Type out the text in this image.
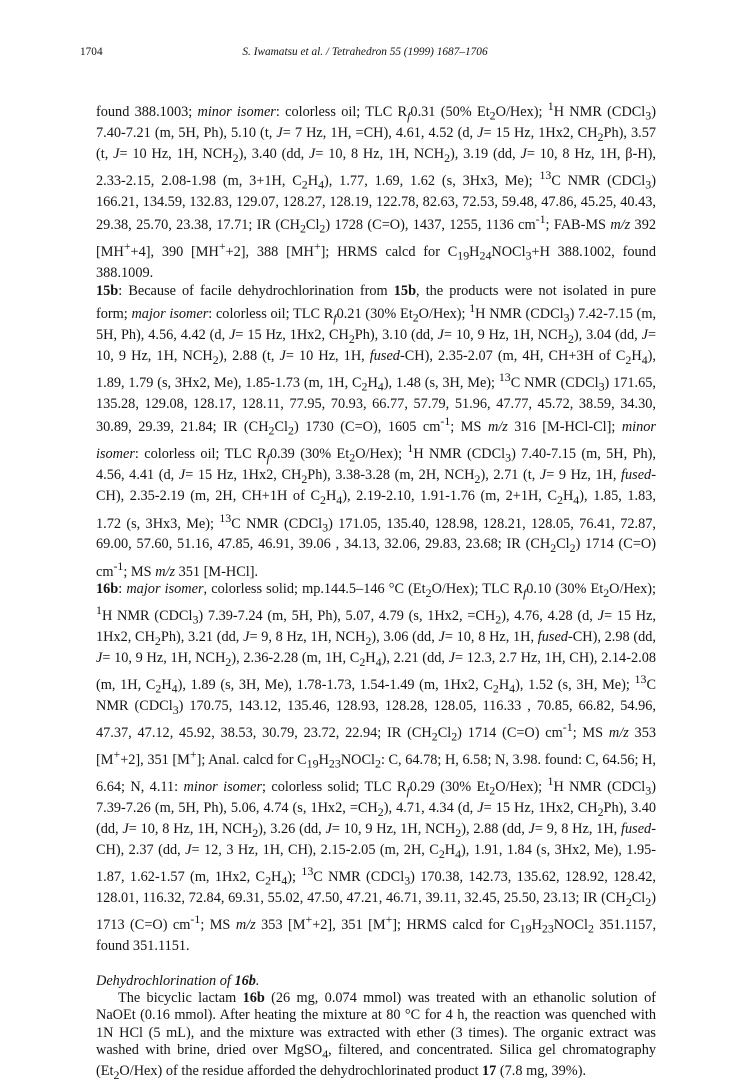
1704	S. Iwamatsu et al. / Tetrahedron 55 (1999) 1687–1706

found 388.1003; minor isomer: colorless oil; TLC $R_f0.31$ (50% $Et_2O/Hex$); $^1$H NMR (CDCl$_3$) 7.40-7.21 (m, 5H, Ph), 5.10 (t, J= 7 Hz, 1H, =CH), 4.61, 4.52 (d, J= 15 Hz, 1Hx2, $CH_2Ph$), 3.57 (t, J= 10 Hz, 1H, $NCH_2$), 3.40 (dd, J= 10, 8 Hz, 1H, $NCH_2$), 3.19 (dd, J= 10, 8 Hz, 1H, β-H), 2.33-2.15, 2.08-1.98 (m, 3+1H, $C_2H_4$), 1.77, 1.69, 1.62 (s, 3Hx3, Me); $^{13}$C NMR (CDCl$_3$) 166.21, 134.59, 132.83, 129.07, 128.27, 128.19, 122.78, 82.63, 72.53, 59.48, 47.86, 45.25, 40.43, 29.38, 25.70, 23.38, 17.71; IR $(CH_2Cl_2)$ 1728 (C=O), 1437, 1255, 1136 $cm^{-1}$; FAB-MS m/z 392 [MH++4], 390 [MH++2], 388 [MH+]; HRMS calcd for $C_{19}H_{24}NOCl_3+H$ 388.1002, found 388.1009.

15b: Because of facile dehydrochlorination from 15b, the products were not isolated in pure form; major isomer: colorless oil; TLC $R_f0.21$ (30% $Et_2O/Hex$); $^1$H NMR (CDCl$_3$) 7.42-7.15 (m, 5H, Ph), 4.56, 4.42 (d, J= 15 Hz, 1Hx2, $CH_2Ph$), 3.10 (dd, J= 10, 9 Hz, 1H, $NCH_2$), 3.04 (dd, J= 10, 9 Hz, 1H, $NCH_2$), 2.88 (t, J= 10 Hz, 1H, fused-CH), 2.35-2.07 (m, 4H, CH+3H of $C_2H_4$), 1.89, 1.79 (s, 3Hx2, Me), 1.85-1.73 (m, 1H, $C_2H_4$), 1.48 (s, 3H, Me); $^{13}$C NMR (CDCl$_3$) 171.65, 135.28, 129.08, 128.17, 128.11, 77.95, 70.93, 66.77, 57.79, 51.96, 47.77, 45.72, 38.59, 34.30, 30.89, 29.39, 21.84; IR $(CH_2Cl_2)$ 1730 (C=O), 1605 $cm^{-1}$; MS m/z 316 [M-HCl-Cl]; minor isomer: colorless oil; TLC $R_f0.39$ (30% $Et_2O/Hex$); $^1$H NMR (CDCl$_3$) 7.40-7.15 (m, 5H, Ph), 4.56, 4.41 (d, J= 15 Hz, 1Hx2, $CH_2Ph$), 3.38-3.28 (m, 2H, $NCH_2$), 2.71 (t, J= 9 Hz, 1H, fused-CH), 2.35-2.19 (m, 2H, CH+1H of $C_2H_4$), 2.19-2.10, 1.91-1.76 (m, 2+1H, $C_2H_4$), 1.85, 1.83, 1.72 (s, 3Hx3, Me); $^{13}$C NMR (CDCl$_3$) 171.05, 135.40, 128.98, 128.21, 128.05, 76.41, 72.87, 69.00, 57.60, 51.16, 47.85, 46.91, 39.06 , 34.13, 32.06, 29.83, 23.68; IR $(CH_2Cl_2)$ 1714 (C=O) $cm^{-1}$; MS m/z 351 [M-HCl].

16b: major isomer, colorless solid; mp.144.5–146 °C $(Et_2O/Hex)$; TLC $R_f0.10$ (30% $Et_2O/Hex$); $^1$H NMR (CDCl$_3$) 7.39-7.24 (m, 5H, Ph), 5.07, 4.79 (s, 1Hx2, $=CH_2$), 4.76, 4.28 (d, J= 15 Hz, 1Hx2, $CH_2Ph$), 3.21 (dd, J= 9, 8 Hz, 1H, $NCH_2$), 3.06 (dd, J= 10, 8 Hz, 1H, fused-CH), 2.98 (dd, J= 10, 9 Hz, 1H, $NCH_2$), 2.36-2.28 (m, 1H, $C_2H_4$), 2.21 (dd, J= 12.3, 2.7 Hz, 1H, CH), 2.14-2.08 (m, 1H, $C_2H_4$), 1.89 (s, 3H, Me), 1.78-1.73, 1.54-1.49 (m, 1Hx2, $C_2H_4$), 1.52 (s, 3H, Me); $^{13}$C NMR (CDCl$_3$) 170.75, 143.12, 135.46, 128.93, 128.28, 128.05, 116.33 , 70.85, 66.82, 54.96, 47.37, 47.12, 45.92, 38.53, 30.79, 23.72, 22.94; IR $(CH_2Cl_2)$ 1714 (C=O) $cm^{-1}$; MS m/z 353 [M++2], 351 [M+]; Anal. calcd for $C_{19}H_{23}NOCl_2$: C, 64.78; H, 6.58; N, 3.98. found: C, 64.56; H, 6.64; N, 4.11: minor isomer; colorless solid; TLC $R_f0.29$ (30% $Et_2O/Hex$); $^1$H NMR (CDCl$_3$) 7.39-7.26 (m, 5H, Ph), 5.06, 4.74 (s, 1Hx2, $=CH_2$), 4.71, 4.34 (d, J= 15 Hz, 1Hx2, $CH_2Ph$), 3.40 (dd, J= 10, 8 Hz, 1H, $NCH_2$), 3.26 (dd, J= 10, 9 Hz, 1H, $NCH_2$), 2.88 (dd, J= 9, 8 Hz, 1H, fused-CH), 2.37 (dd, J= 12, 3 Hz, 1H, CH), 2.15-2.05 (m, 2H, $C_2H_4$), 1.91, 1.84 (s, 3Hx2, Me), 1.95-1.87, 1.62-1.57 (m, 1Hx2, $C_2H_4$); $^{13}$C NMR (CDCl$_3$) 170.38, 142.73, 135.62, 128.92, 128.42, 128.01, 116.32, 72.84, 69.31, 55.02, 47.50, 47.21, 46.71, 39.11, 32.45, 25.50, 23.13; IR $(CH_2Cl_2)$ 1713 (C=O) $cm^{-1}$; MS m/z 353 [M++2], 351 [M+]; HRMS calcd for $C_{19}H_{23}NOCl_2$ 351.1157, found 351.1151.

Dehydrochlorination of 16b.

The bicyclic lactam 16b (26 mg, 0.074 mmol) was treated with an ethanolic solution of NaOEt (0.16 mmol). After heating the mixture at 80 °C for 4 h, the reaction was quenched with 1N HCl (5 mL), and the mixture was extracted with ether (3 times). The organic extract was washed with brine, dried over MgSO$_4$, filtered, and concentrated. Silica gel chromatography $(Et_2O/Hex)$ of the residue afforded the dehydrochlorinated product 17 (7.8 mg, 39%).
